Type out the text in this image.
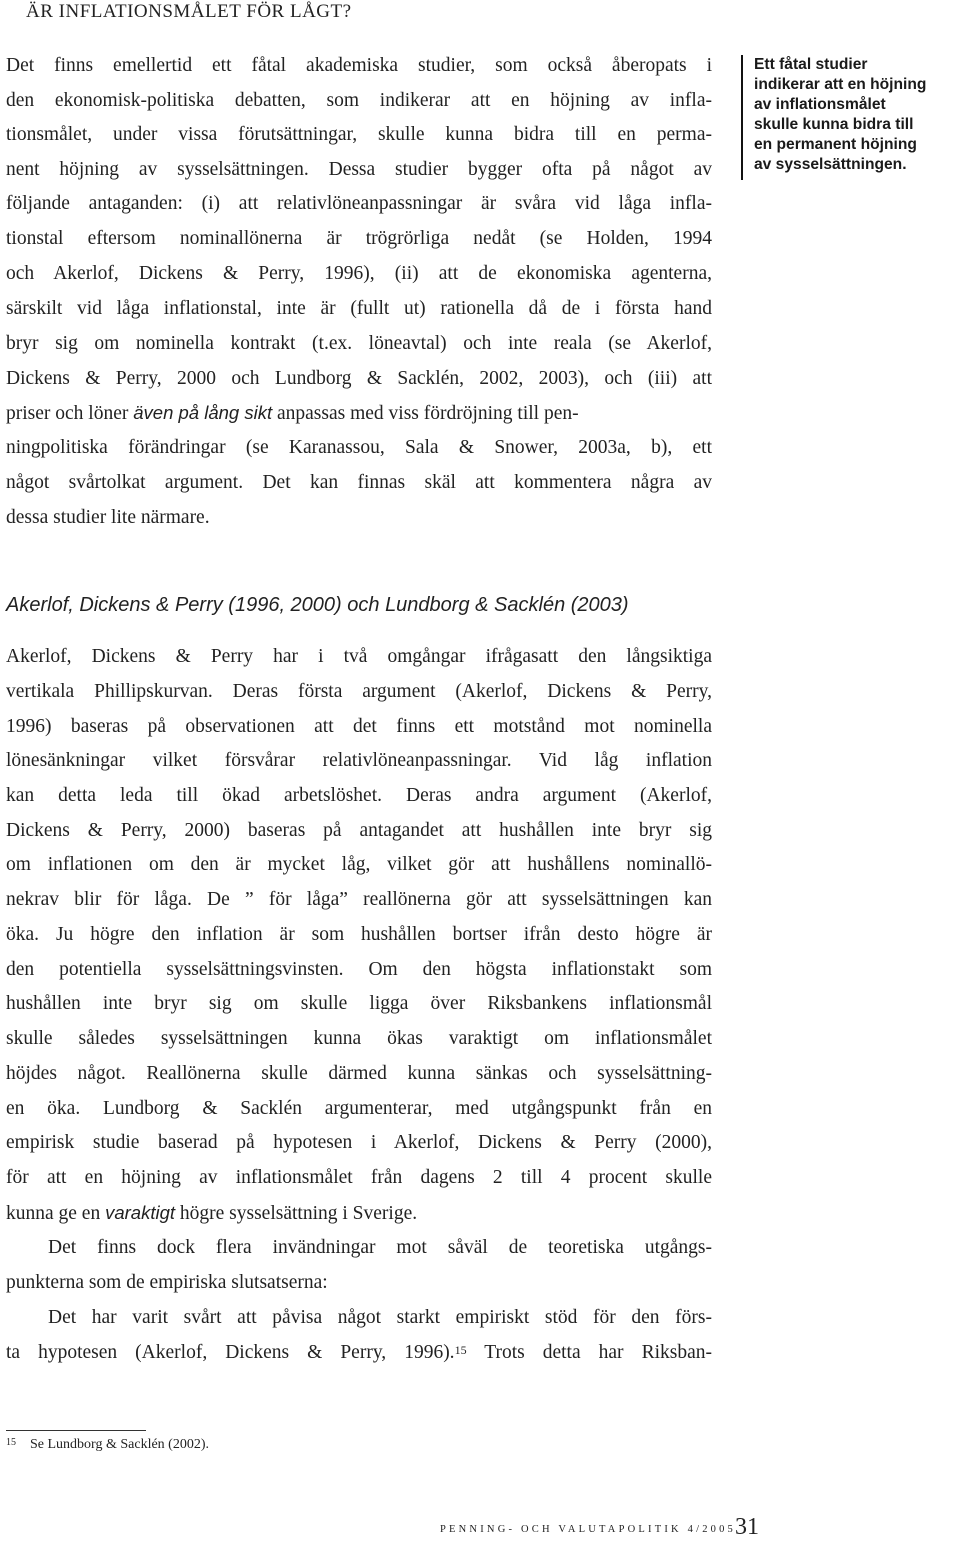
ÄR INFLATIONSMÅLET FÖR LÅGT?
Det finns emellertid ett fåtal akademiska studier, som också åberopats i
den ekonomisk-politiska debatten, som indikerar att en höjning av infla-
tionsmålet, under vissa förutsättningar, skulle kunna bidra till en perma-
nent höjning av sysselsättningen. Dessa studier bygger ofta på något av
följande antaganden: (i) att relativlöneanpassningar är svåra vid låga infla-
tionstal eftersom nominallönerna är trögrörliga nedåt (se Holden, 1994
och Akerlof, Dickens & Perry, 1996), (ii) att de ekonomiska agenterna,
särskilt vid låga inflationstal, inte är (fullt ut) rationella då de i första hand
bryr sig om nominella kontrakt (t.ex. löneavtal) och inte reala (se Akerlof,
Dickens & Perry, 2000 och Lundborg & Sacklén, 2002, 2003), och (iii) att
priser och löner även på lång sikt anpassas med viss fördröjning till pen-
ningpolitiska förändringar (se Karanassou, Sala & Snower, 2003a, b), ett
något svårtolkat argument. Det kan finnas skäl att kommentera några av
dessa studier lite närmare.
Ett fåtal studier
indikerar att en höjning
av inflationsmålet
skulle kunna bidra till
en permanent höjning
av sysselsättningen.
Akerlof, Dickens & Perry (1996, 2000) och Lundborg & Sacklén (2003)
Akerlof, Dickens & Perry har i två omgångar ifrågasatt den långsiktiga
vertikala Phillipskurvan. Deras första argument (Akerlof, Dickens & Perry,
1996) baseras på observationen att det finns ett motstånd mot nominella
lönesänkningar vilket försvårar relativlöneanpassningar. Vid låg inflation
kan detta leda till ökad arbetslöshet. Deras andra argument (Akerlof,
Dickens & Perry, 2000) baseras på antagandet att hushållen inte bryr sig
om inflationen om den är mycket låg, vilket gör att hushållens nominallö-
nekrav blir för låga. De ” för låga” reallönerna gör att sysselsättningen kan
öka. Ju högre den inflation är som hushållen bortser ifrån desto högre är
den potentiella sysselsättningsvinsten. Om den högsta inflationstakt som
hushållen inte bryr sig om skulle ligga över Riksbankens inflationsmål
skulle således sysselsättningen kunna ökas varaktigt om inflationsmålet
höjdes något. Reallönerna skulle därmed kunna sänkas och sysselsättning-
en öka. Lundborg & Sacklén argumenterar, med utgångspunkt från en
empirisk studie baserad på hypotesen i Akerlof, Dickens & Perry (2000),
för att en höjning av inflationsmålet från dagens 2 till 4 procent skulle
kunna ge en varaktigt högre sysselsättning i Sverige.
Det finns dock flera invändningar mot såväl de teoretiska utgångs-
punkterna som de empiriska slutsatserna:
Det har varit svårt att påvisa något starkt empiriskt stöd för den förs-
ta hypotesen (Akerlof, Dickens & Perry, 1996).$^{15}$ Trots detta har Riksban-
$^{15}$ Se Lundborg & Sacklén (2002).
PENNING- OCH VALUTAPOLITIK 4/2005 31
